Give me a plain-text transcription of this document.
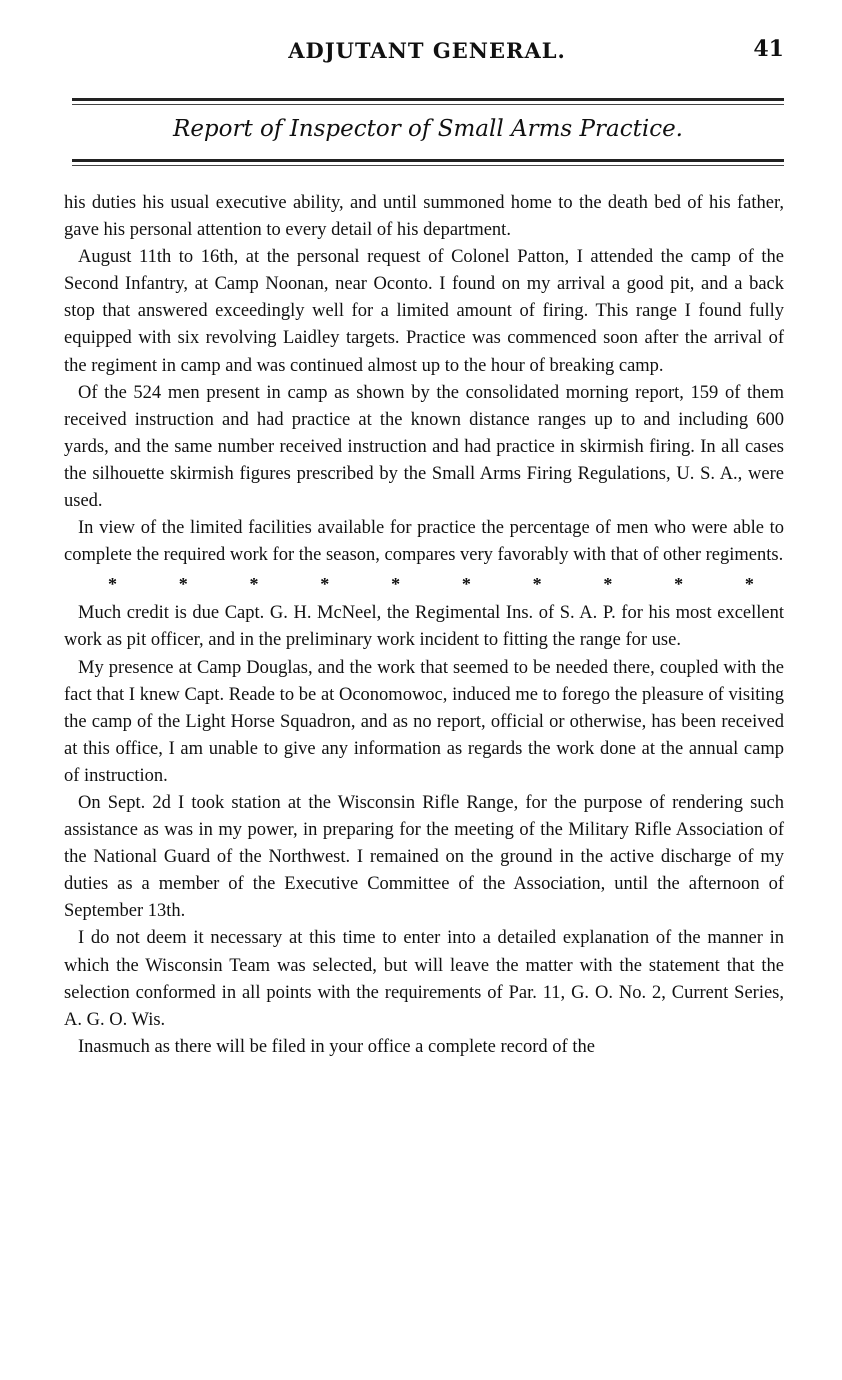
ADJUTANT GENERAL.	41
Report of Inspector of Small Arms Practice.

his duties his usual executive ability, and until summoned home to the death bed of his father, gave his personal attention to every detail of his department.

August 11th to 16th, at the personal request of Colonel Patton, I attended the camp of the Second Infantry, at Camp Noonan, near Oconto. I found on my arrival a good pit, and a back stop that answered exceedingly well for a limited amount of firing. This range I found fully equipped with six revolving Laidley targets. Practice was commenced soon after the arrival of the regiment in camp and was continued almost up to the hour of breaking camp.

Of the 524 men present in camp as shown by the consolidated morning report, 159 of them received instruction and had practice at the known distance ranges up to and including 600 yards, and the same number received instruction and had practice in skirmish firing. In all cases the silhouette skirmish figures prescribed by the Small Arms Firing Regulations, U. S. A., were used.

In view of the limited facilities available for practice the percentage of men who were able to complete the required work for the season, compares very favorably with that of other regiments.

*	*	*	*	*	*	*	*	*	*

Much credit is due Capt. G. H. McNeel, the Regimental Ins. of S. A. P. for his most excellent work as pit officer, and in the preliminary work incident to fitting the range for use.

My presence at Camp Douglas, and the work that seemed to be needed there, coupled with the fact that I knew Capt. Reade to be at Oconomowoc, induced me to forego the pleasure of visiting the camp of the Light Horse Squadron, and as no report, official or otherwise, has been received at this office, I am unable to give any information as regards the work done at the annual camp of instruction.

On Sept. 2d I took station at the Wisconsin Rifle Range, for the purpose of rendering such assistance as was in my power, in preparing for the meeting of the Military Rifle Association of the National Guard of the Northwest. I remained on the ground in the active discharge of my duties as a member of the Executive Committee of the Association, until the afternoon of September 13th.

I do not deem it necessary at this time to enter into a detailed explanation of the manner in which the Wisconsin Team was selected, but will leave the matter with the statement that the selection conformed in all points with the requirements of Par. 11, G. O. No. 2, Current Series, A. G. O. Wis.

Inasmuch as there will be filed in your office a complete record of the
